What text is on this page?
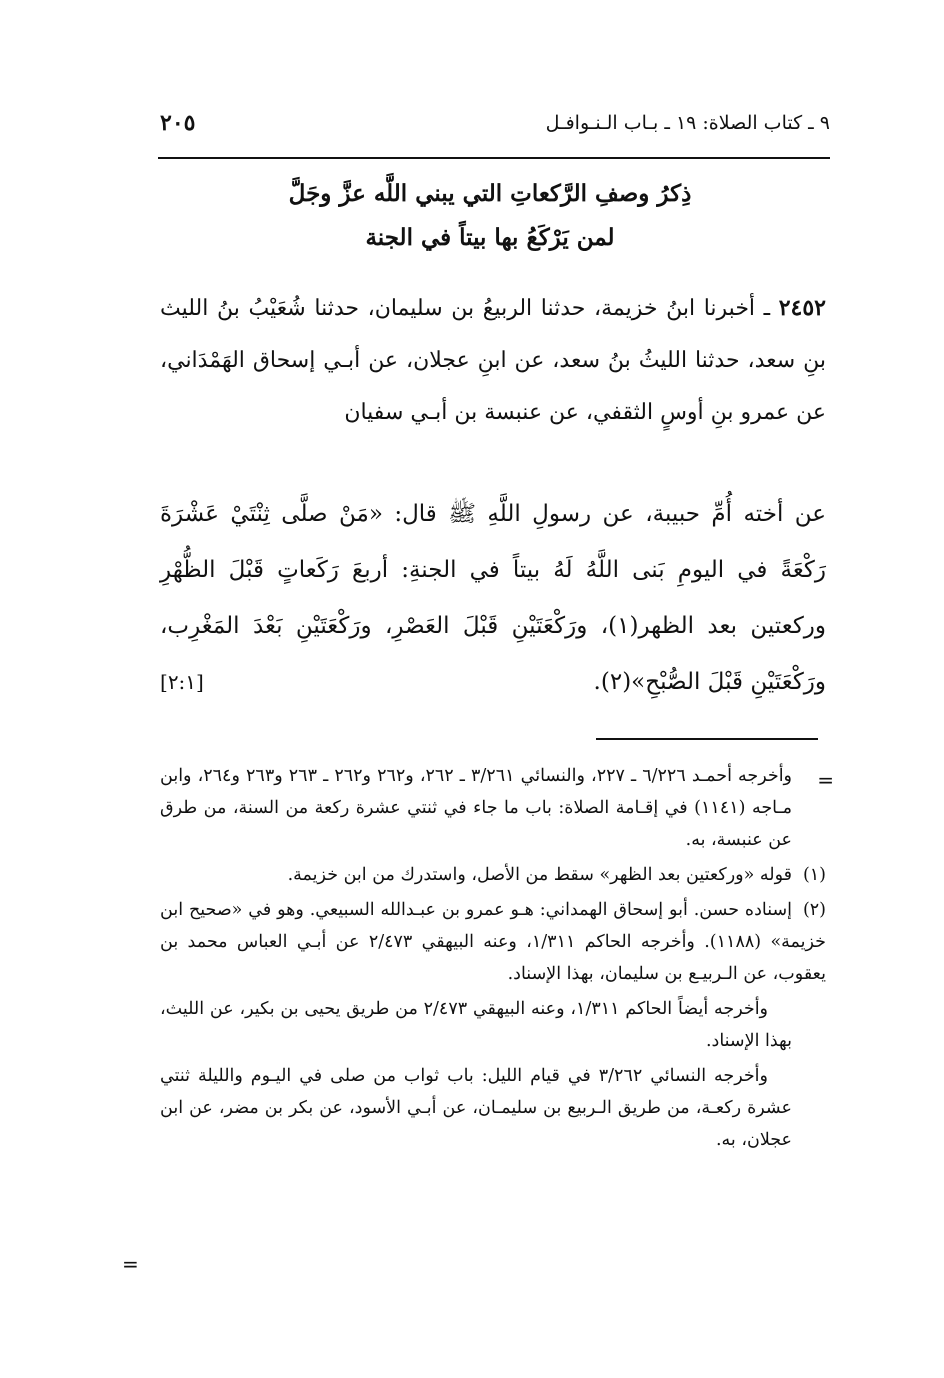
٩ ـ كتاب الصلاة: ١٩ ـ بـاب الـنـوافـل
٢٠٥
ذِكرُ وصفِ الرَّكعاتِ التي يبني اللَّه عزَّ وجَلَّ
لمن يَرْكَعُ بها بيتاً في الجنة
٢٤٥٢ ـ أخبرنا ابنُ خزيمة، حدثنا الربيعُ بن سليمان، حدثنا شُعَيْبُ بنُ الليث بنِ سعد، حدثنا الليثُ بنُ سعد، عن ابنِ عجلان، عن أبـي إسحاق الهَمْدَاني، عن عمرو بنِ أوسٍ الثقفي، عن عنبسة بن أبـي سفيان
عن أخته أُمِّ حبيبة، عن رسولِ اللَّهِ ﷺ قال: «مَنْ صلَّى ثِنْتَيْ عَشْرَةَ رَكْعَةً في اليومِ بَنى اللَّهُ لَهُ بيتاً في الجنةِ: أربعَ رَكَعاتٍ قَبْلَ الظُّهْرِ وركعتين بعد الظهر(١)، ورَكْعَتَيْنِ قَبْلَ العَصْرِ، ورَكْعَتَيْنِ بَعْدَ المَغْرِب، ورَكْعَتَيْنِ قَبْلَ الصُّبْحِ»(٢).
[٢:١]
=
وأخرجه أحمـد ٦/٢٢٦ ـ ٢٢٧، والنسائي ٣/٢٦١ ـ ٢٦٢، و٢٦٢ و٢٦٢ ـ ٢٦٣ و٢٦٣ و٢٦٤، وابن مـاجه (١١٤١) في إقـامة الصلاة: باب ما جاء في ثنتي عشرة ركعة من السنة، من طرق عن عنبسة، به.
(١)قوله «وركعتين بعد الظهر» سقط من الأصل، واستدرك من ابن خزيمة.
(٢)إسناده حسن. أبو إسحاق الهمداني: هـو عمرو بن عبـدالله السبيعي. وهو في «صحيح ابن خزيمة» (١١٨٨). وأخرجه الحاكم ١/٣١١، وعنه البيهقي ٢/٤٧٣ عن أبـي العباس محمد بن يعقوب، عن الـربيـع بن سليمان، بهذا الإسناد.
وأخرجه أيضاً الحاكم ١/٣١١، وعنه البيهقي ٢/٤٧٣ من طريق يحيى بن بكير، عن الليث، بهذا الإسناد.
وأخرجه النسائي ٣/٢٦٢ في قيام الليل: باب ثواب من صلى في اليـوم والليلة ثنتي عشرة ركعـة، من طريق الـربيع بن سليمـان، عن أبـي الأسود، عن بكر بن مضر، عن ابن عجلان، به.
=
